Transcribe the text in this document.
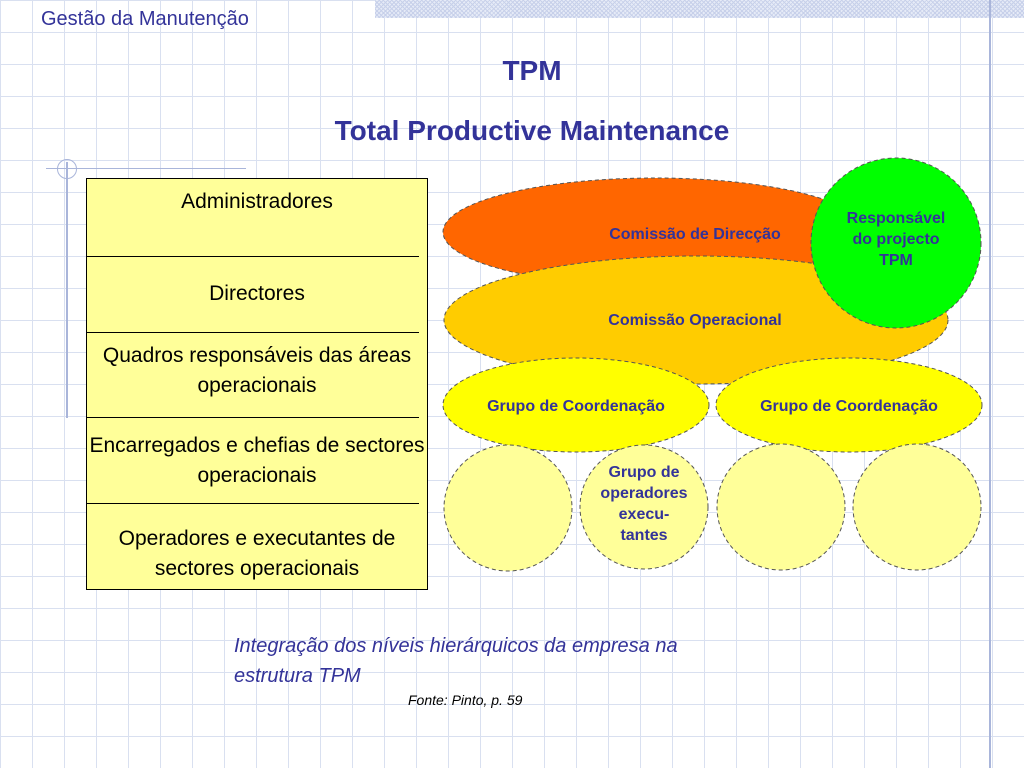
Gestão da Manutenção
TPM
Total Productive Maintenance
Administradores
Directores
Quadros responsáveis das áreas operacionais
Encarregados e chefias de sectores operacionais
Operadores e executantes de sectores operacionais
Comissão de Direcção
Comissão Operacional
Responsável
do projecto
TPM
Grupo de Coordenação	Grupo de Coordenação
Grupo de
operadores
execu-
tantes
Integração dos níveis hierárquicos da empresa na
estrutura TPM
Fonte: Pinto, p. 59
